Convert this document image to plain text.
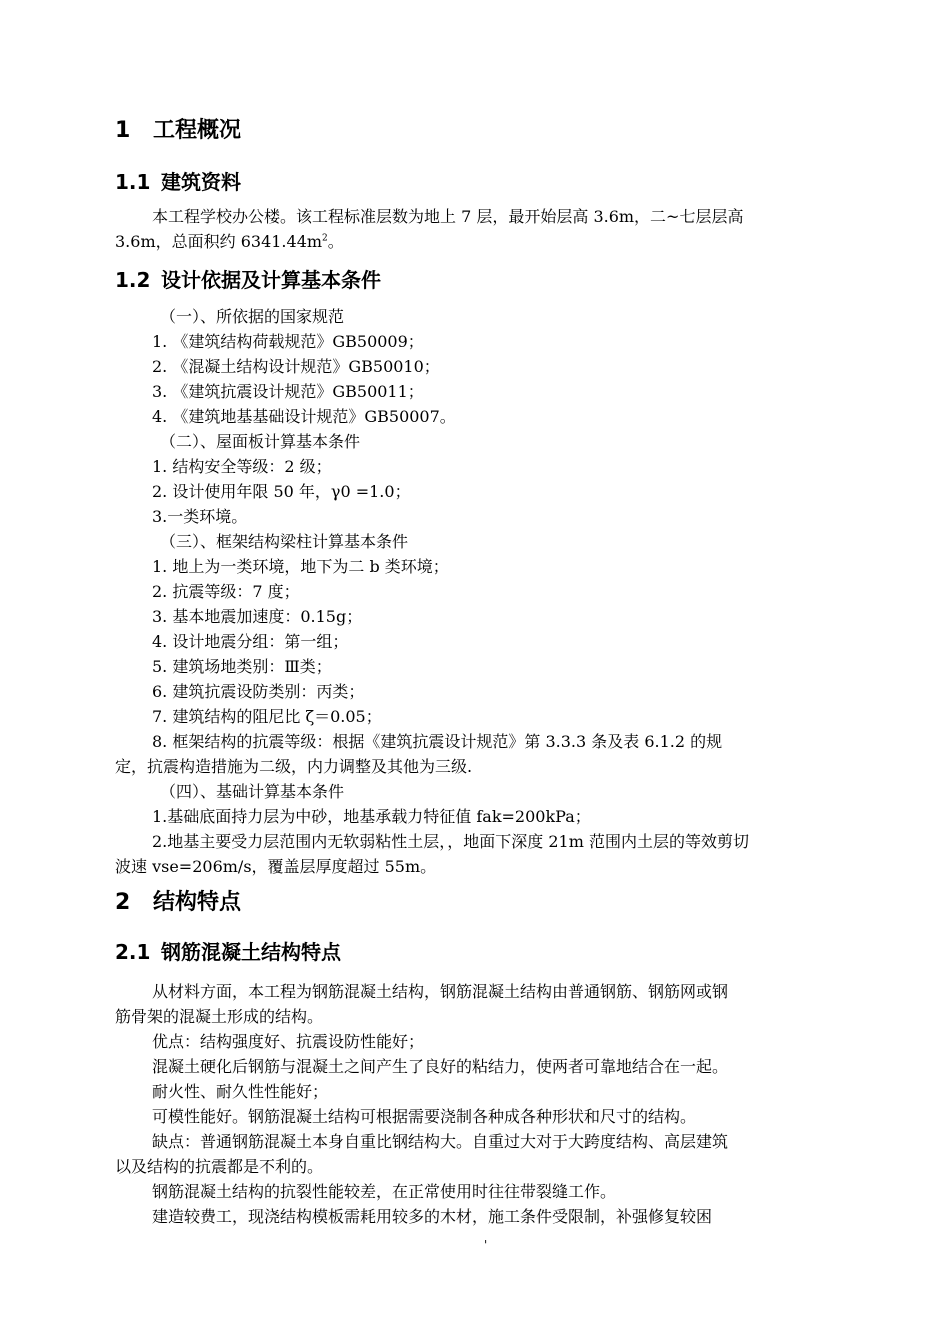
1 工程概况
1.1 建筑资料
本工程学校办公楼。该工程标准层数为地上 7 层，最开始层高 3.6m，二~七层层高
3.6m，总面积约 $6341.44m^2$。
1.2 设计依据及计算基本条件
（一）、所依据的国家规范
1. 《建筑结构荷载规范》GB50009；
2. 《混凝土结构设计规范》GB50010；
3. 《建筑抗震设计规范》GB50011；
4. 《建筑地基基础设计规范》GB50007。
（二）、屋面板计算基本条件
1. 结构安全等级：2 级；
2. 设计使用年限 50 年，γ0 =1.0；
3.一类环境。
（三）、框架结构梁柱计算基本条件
1. 地上为一类环境，地下为二 b 类环境；
2. 抗震等级：7 度；
3. 基本地震加速度：0.15g；
4. 设计地震分组：第一组；
5. 建筑场地类别：Ⅲ类；
6. 建筑抗震设防类别：丙类；
7. 建筑结构的阻尼比 ζ＝0.05；
8. 框架结构的抗震等级：根据《建筑抗震设计规范》第 3.3.3 条及表 6.1.2 的规
定，抗震构造措施为二级，内力调整及其他为三级.
（四）、基础计算基本条件
1.基础底面持力层为中砂，地基承载力特征值 fak=200kPa；
2.地基主要受力层范围内无软弱粘性土层，，地面下深度 21m 范围内土层的等效剪切
波速 vse=206m/s，覆盖层厚度超过 55m。
2 结构特点
2.1 钢筋混凝土结构特点
从材料方面，本工程为钢筋混凝土结构，钢筋混凝土结构由普通钢筋、钢筋网或钢
筋骨架的混凝土形成的结构。
优点：结构强度好、抗震设防性能好；
混凝土硬化后钢筋与混凝土之间产生了良好的粘结力，使两者可靠地结合在一起。
耐火性、耐久性性能好；
可模性能好。钢筋混凝土结构可根据需要浇制各种成各种形状和尺寸的结构。
缺点：普通钢筋混凝土本身自重比钢结构大。自重过大对于大跨度结构、高层建筑
以及结构的抗震都是不利的。
钢筋混凝土结构的抗裂性能较差，在正常使用时往往带裂缝工作。
建造较费工，现浇结构模板需耗用较多的木材，施工条件受限制，补强修复较困
'
